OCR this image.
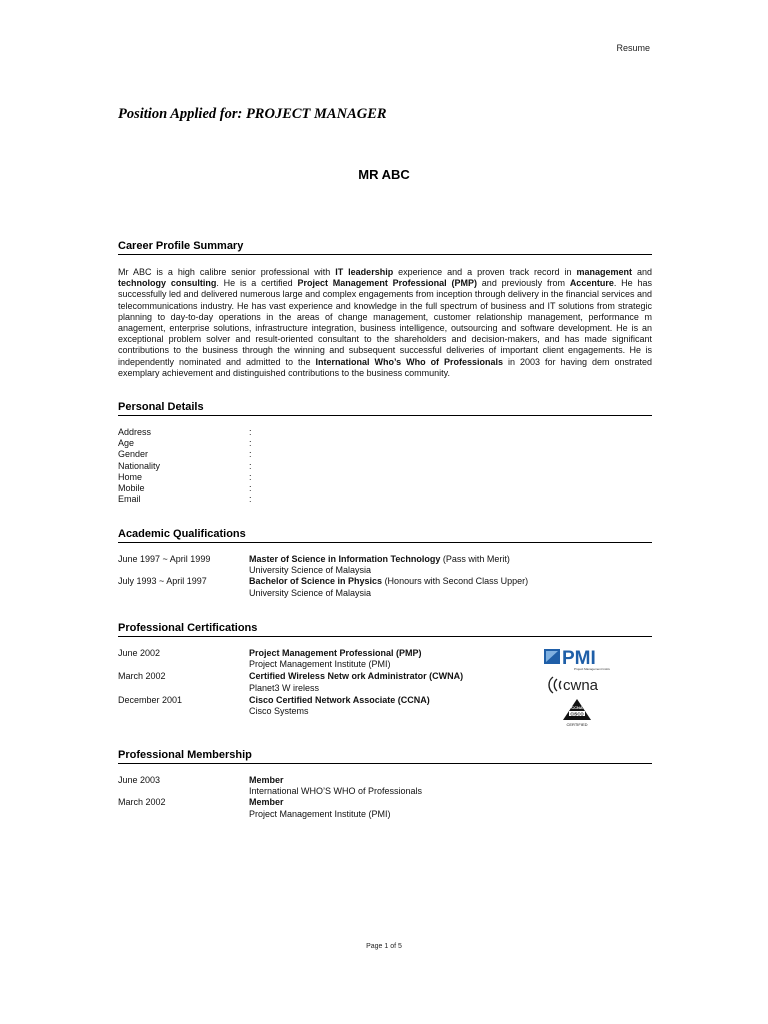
Resume
Position Applied for: PROJECT MANAGER
MR ABC
Career Profile Summary
Mr ABC is a high calibre senior professional with IT leadership experience and a proven track record in management and technology consulting. He is a certified Project Management Professional (PMP) and previously from Accenture. He has successfully led and delivered numerous large and complex engagements from inception through delivery in the financial services and telecommunications industry. He has vast experience and knowledge in the full spectrum of business and IT solutions from strategic planning to day-to-day operations in the areas of change management, customer relationship management, performance m anagement, enterprise solutions, infrastructure integration, business intelligence, outsourcing and software development. He is an exceptional problem solver and result-oriented consultant to the shareholders and decision-makers, and has made significant contributions to the business through the winning and subsequent successful deliveries of important client engagements. He is independently nominated and admitted to the International Who’s Who of Professionals in 2003 for having dem onstrated exemplary achievement and distinguished contributions to the business community.
Personal Details
Address	:
Age	:
Gender	:
Nationality	:
Home	:
Mobile	:
Email	:
Academic Qualifications
June 1997 ~ April 1999	Master of Science in Information Technology (Pass with Merit)
University Science of Malaysia
July 1993 ~ April 1997	Bachelor of Science in Physics (Honours with Second Class Upper)
University Science of Malaysia
Professional Certifications
June 2002	Project Management Professional (PMP)
Project Management Institute (PMI)
March 2002	Certified Wireless Netw ork Administrator (CWNA)
Planet3 W ireless
December 2001	Cisco Certified Network Associate (CCNA)
Cisco Systems
PMI
Project Management Institute
cwna
CCNA
CISCO
CERTIFIED
Professional Membership
June 2003	Member
International WHO’S WHO of Professionals
March 2002	Member
Project Management Institute (PMI)
Page 1 of 5
